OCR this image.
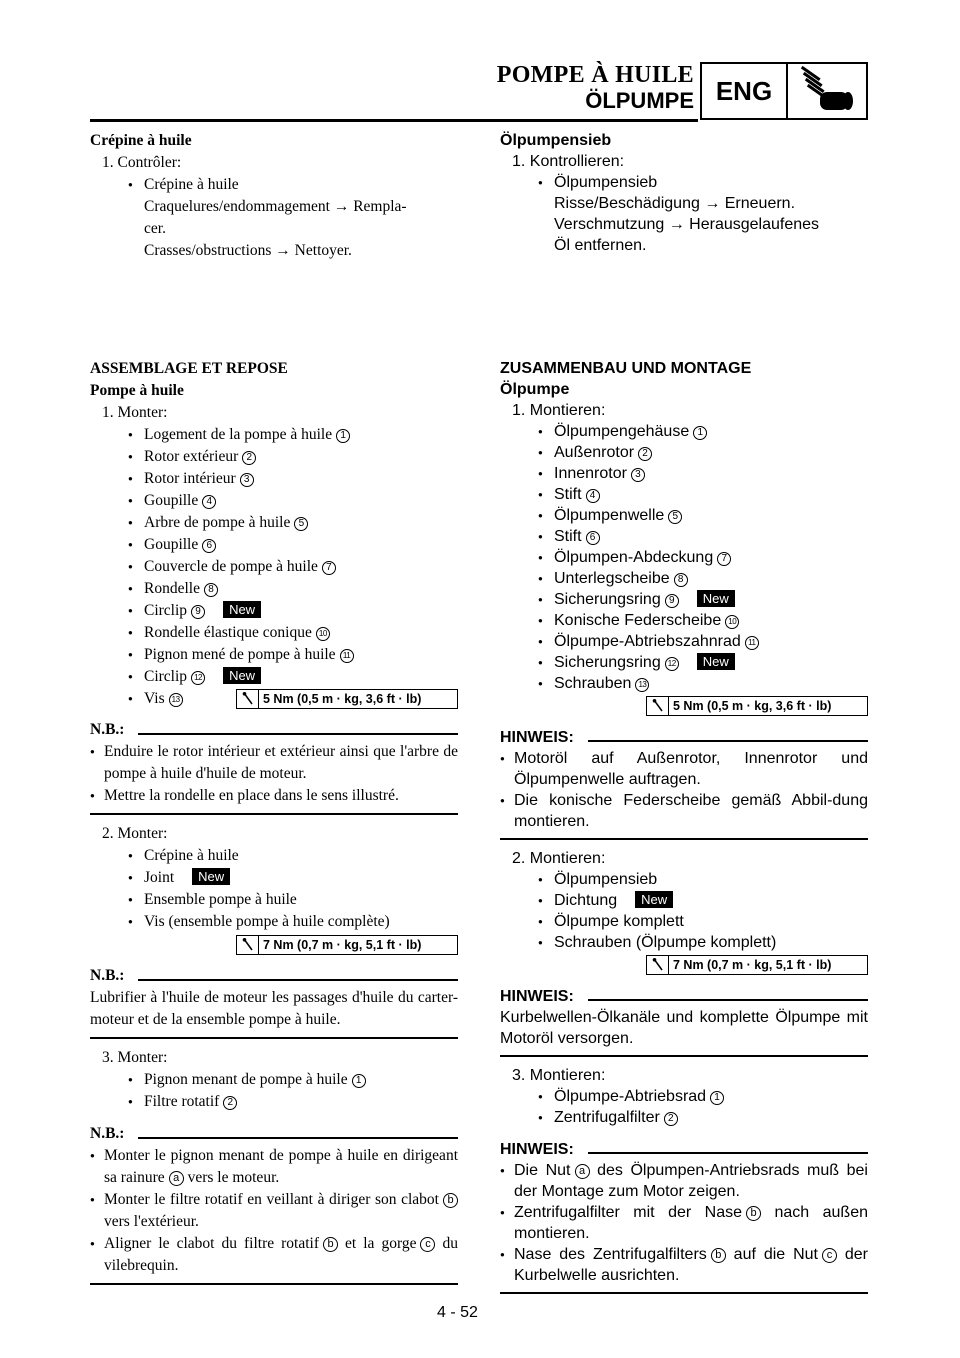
POMPE À HUILE
ÖLPUMPE ENG
Crépine à huile
1. Contrôler:
● Crépine à huile
Craquelures/endommagement → Rempla-
cer.
Crasses/obstructions → Nettoyer.
ASSEMBLAGE ET REPOSE
Pompe à huile
1. Monter:
● Logement de la pompe à huile 1
● Rotor extérieur 2
● Rotor intérieur 3
● Goupille 4
● Arbre de pompe à huile 5
● Goupille 6
● Couvercle de pompe à huile 7
● Rondelle 8
● Circlip 9 New
● Rondelle élastique conique 10
● Pignon mené de pompe à huile 11
● Circlip 12 New
● Vis 13	5 Nm (0,5 m · kg, 3,6 ft · lb)
N.B.:
● Enduire le rotor intérieur et extérieur ainsi que l'arbre de pompe à huile d'huile de moteur.
● Mettre la rondelle en place dans le sens illustré.
2. Monter:
● Crépine à huile
● Joint New
● Ensemble pompe à huile
● Vis (ensemble pompe à huile complète)
7 Nm (0,7 m · kg, 5,1 ft · lb)
N.B.:
Lubrifier à l'huile de moteur les passages d'huile du carter-moteur et de la ensemble pompe à huile.
3. Monter:
● Pignon menant de pompe à huile 1
● Filtre rotatif 2
N.B.:
● Monter le pignon menant de pompe à huile en dirigeant sa rainure a vers le moteur.
● Monter le filtre rotatif en veillant à diriger son clabot b vers l'extérieur.
● Aligner le clabot du filtre rotatif b et la gorge c du vilebrequin.
Ölpumpensieb
1. Kontrollieren:
● Ölpumpensieb
Risse/Beschädigung → Erneuern.
Verschmutzung → Herausgelaufenes
Öl entfernen.
ZUSAMMENBAU UND MONTAGE
Ölpumpe
1. Montieren:
● Ölpumpengehäuse 1
● Außenrotor 2
● Innenrotor 3
● Stift 4
● Ölpumpenwelle 5
● Stift 6
● Ölpumpen-Abdeckung 7
● Unterlegscheibe 8
● Sicherungsring 9 New
● Konische Federscheibe 10
● Ölpumpe-Abtriebszahnrad 11
● Sicherungsring 12 New
● Schrauben 13
5 Nm (0,5 m · kg, 3,6 ft · lb)
HINWEIS:
● Motoröl auf Außenrotor, Innenrotor und Ölpumpenwelle auftragen.
● Die konische Federscheibe gemäß Abbil-dung montieren.
2. Montieren:
● Ölpumpensieb
● Dichtung New
● Ölpumpe komplett
● Schrauben (Ölpumpe komplett)
7 Nm (0,7 m · kg, 5,1 ft · lb)
HINWEIS:
Kurbelwellen-Ölkanäle und komplette Ölpumpe mit Motoröl versorgen.
3. Montieren:
● Ölpumpe-Abtriebsrad 1
● Zentrifugalfilter 2
HINWEIS:
● Die Nut a des Ölpumpen-Antriebsrads muß bei der Montage zum Motor zeigen.
● Zentrifugalfilter mit der Nase b nach außen montieren.
● Nase des Zentrifugalfilters b auf die Nut c der Kurbelwelle ausrichten.
4 - 52
